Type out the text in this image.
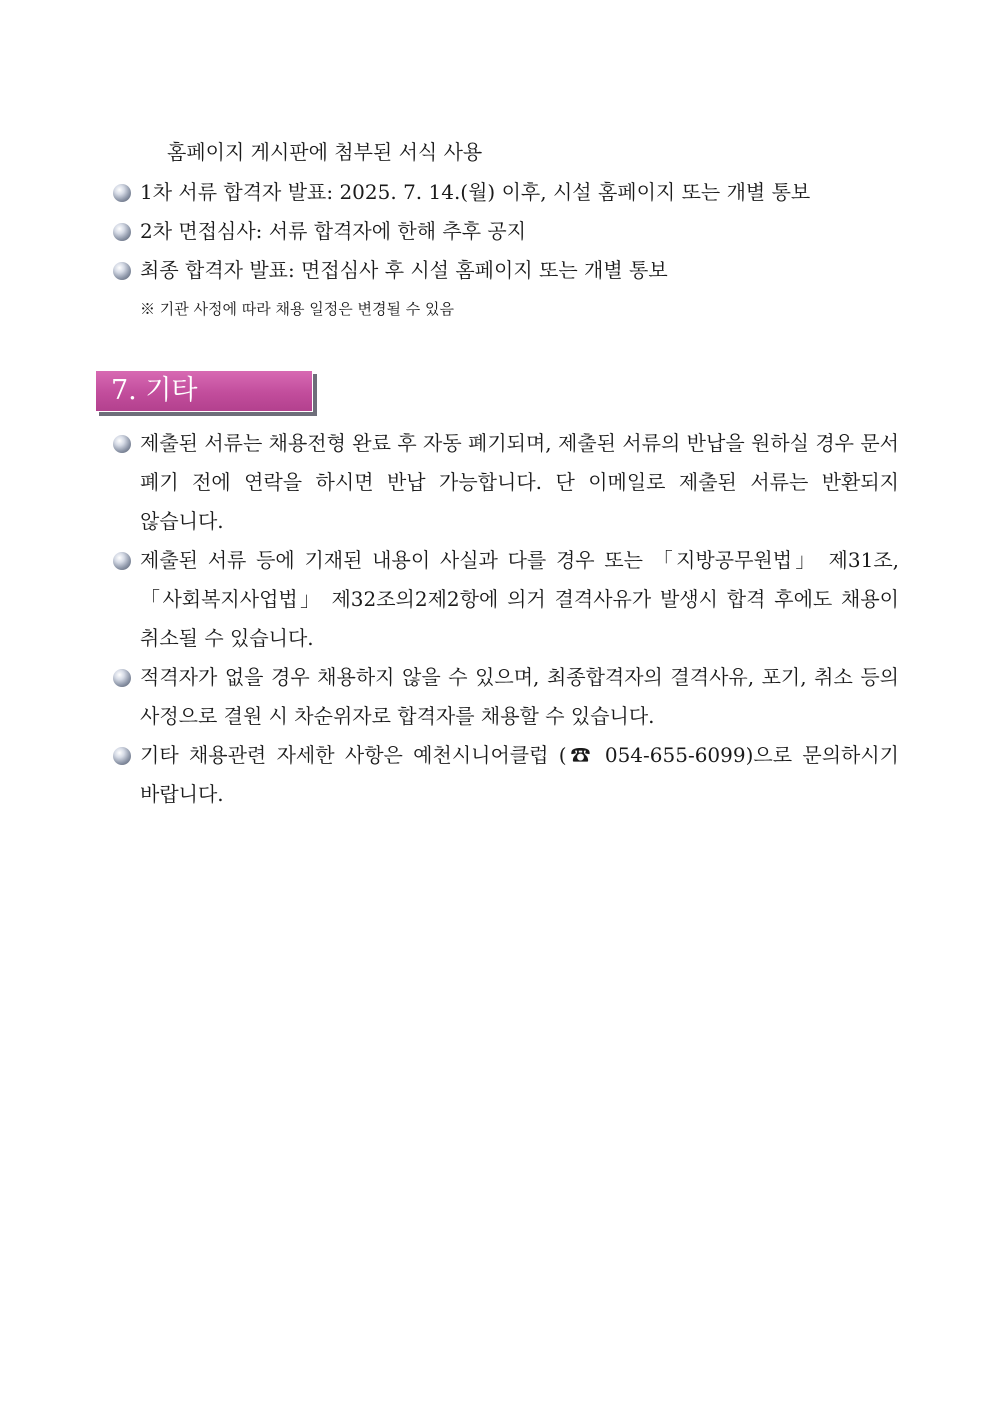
홈페이지 게시판에 첨부된 서식 사용
1차 서류 합격자 발표: 2025. 7. 14.(월) 이후, 시설 홈페이지 또는 개별 통보
2차 면접심사: 서류 합격자에 한해 추후 공지
최종 합격자 발표: 면접심사 후 시설 홈페이지 또는 개별 통보
※ 기관 사정에 따라 채용 일정은 변경될 수 있음
7. 기타
제출된 서류는 채용전형 완료 후 자동 폐기되며, 제출된 서류의 반납을 원하실 경우 문서 폐기 전에 연락을 하시면 반납 가능합니다. 단 이메일로 제출된 서류는 반환되지 않습니다.
제출된 서류 등에 기재된 내용이 사실과 다를 경우 또는 「지방공무원법」 제31조, 「사회복지사업법」 제32조의2제2항에 의거 결격사유가 발생시 합격 후에도 채용이 취소될 수 있습니다.
적격자가 없을 경우 채용하지 않을 수 있으며, 최종합격자의 결격사유, 포기, 취소 등의 사정으로 결원 시 차순위자로 합격자를 채용할 수 있습니다.
기타 채용관련 자세한 사항은 예천시니어클럽 (☎ 054-655-6099)으로 문의하시기 바랍니다.
